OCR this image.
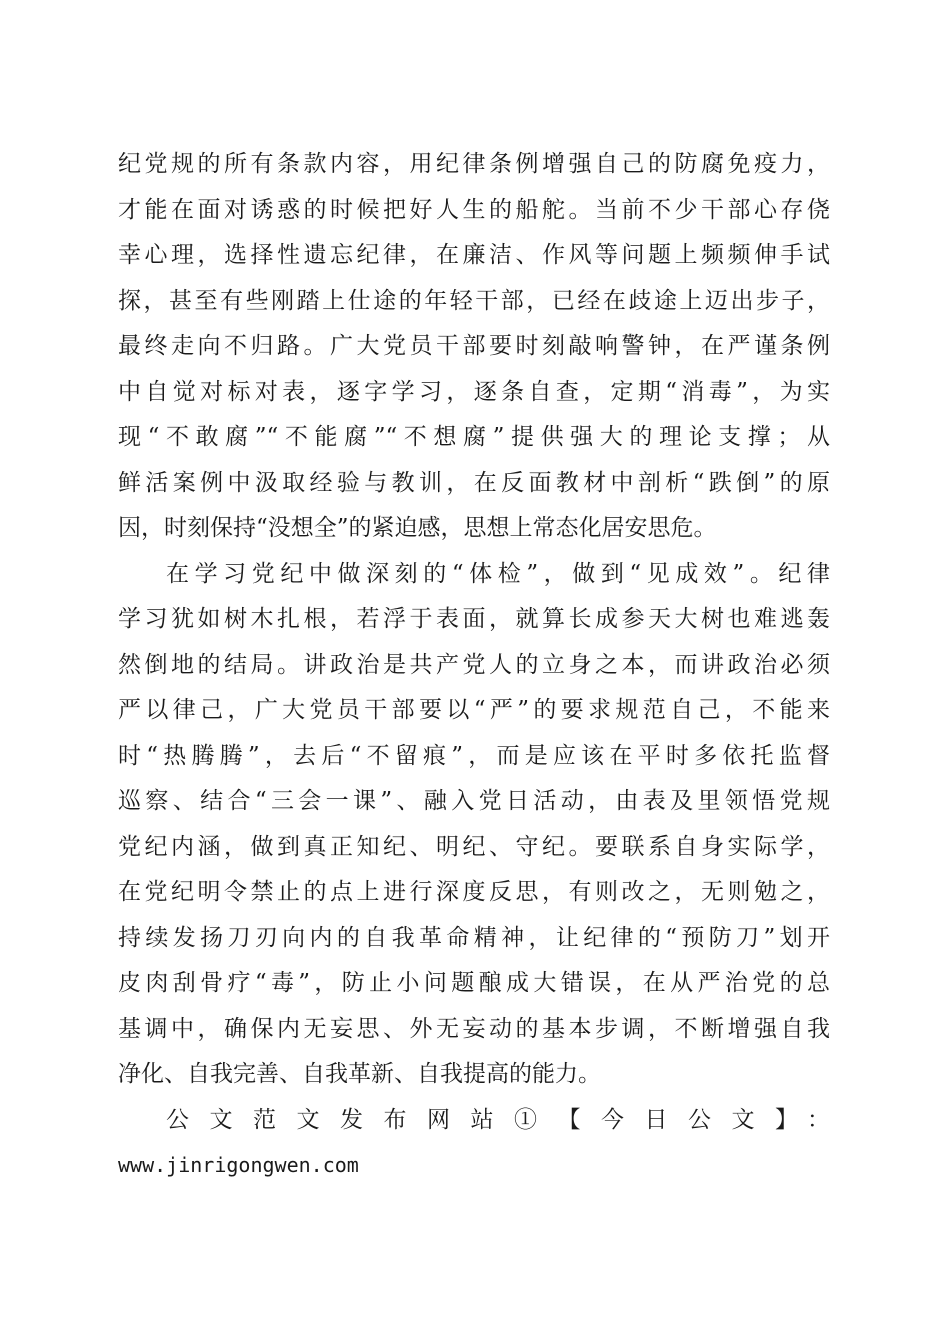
纪党规的所有条款内容，用纪律条例增强自己的防腐免疫力，
才能在面对诱惑的时候把好人生的船舵。当前不少干部心存侥
幸心理，选择性遗忘纪律，在廉洁、作风等问题上频频伸手试
探，甚至有些刚踏上仕途的年轻干部，已经在歧途上迈出步子，
最终走向不归路。广大党员干部要时刻敲响警钟，在严谨条例
中自觉对标对表，逐字学习，逐条自查，定期“消毒”，为实
现“不敢腐”“不能腐”“不想腐”提供强大的理论支撑；从
鲜活案例中汲取经验与教训，在反面教材中剖析“跌倒”的原
因，时刻保持“没想全”的紧迫感，思想上常态化居安思危。
在学习党纪中做深刻的“体检”，做到“见成效”。纪律
学习犹如树木扎根，若浮于表面，就算长成参天大树也难逃轰
然倒地的结局。讲政治是共产党人的立身之本，而讲政治必须
严以律己，广大党员干部要以“严”的要求规范自己，不能来
时“热腾腾”，去后“不留痕”，而是应该在平时多依托监督
巡察、结合“三会一课”、融入党日活动，由表及里领悟党规
党纪内涵，做到真正知纪、明纪、守纪。要联系自身实际学，
在党纪明令禁止的点上进行深度反思，有则改之，无则勉之，
持续发扬刀刃向内的自我革命精神，让纪律的“预防刀”划开
皮肉刮骨疗“毒”，防止小问题酿成大错误，在从严治党的总
基调中，确保内无妄思、外无妄动的基本步调，不断增强自我
净化、自我完善、自我革新、自我提高的能力。
公文范文发布网站①【今日公文】：
www.jinrigongwen.com
